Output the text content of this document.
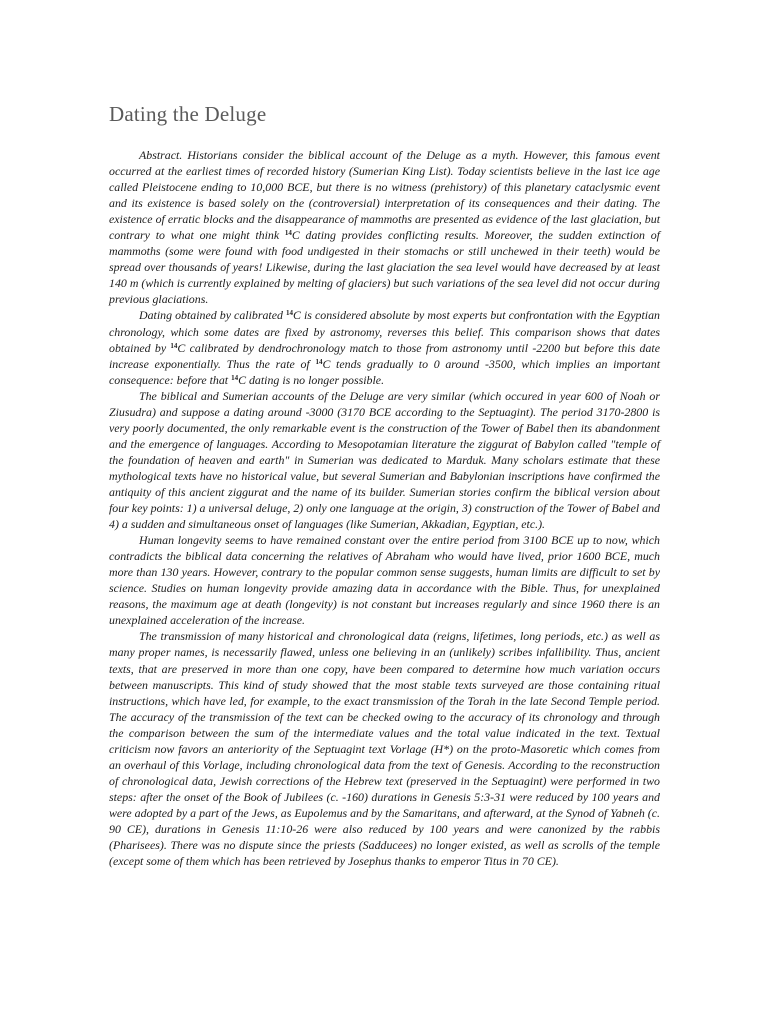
Dating the Deluge

Abstract. Historians consider the biblical account of the Deluge as a myth. However, this famous event occurred at the earliest times of recorded history (Sumerian King List). Today scientists believe in the last ice age called Pleistocene ending to 10,000 BCE, but there is no witness (prehistory) of this planetary cataclysmic event and its existence is based solely on the (controversial) interpretation of its consequences and their dating. The existence of erratic blocks and the disappearance of mammoths are presented as evidence of the last glaciation, but contrary to what one might think $^{14}$C dating provides conflicting results. Moreover, the sudden extinction of mammoths (some were found with food undigested in their stomachs or still unchewed in their teeth) would be spread over thousands of years! Likewise, during the last glaciation the sea level would have decreased by at least 140 m (which is currently explained by melting of glaciers) but such variations of the sea level did not occur during previous glaciations.

Dating obtained by calibrated $^{14}$C is considered absolute by most experts but confrontation with the Egyptian chronology, which some dates are fixed by astronomy, reverses this belief. This comparison shows that dates obtained by $^{14}$C calibrated by dendrochronology match to those from astronomy until -2200 but before this date increase exponentially. Thus the rate of $^{14}$C tends gradually to 0 around -3500, which implies an important consequence: before that $^{14}$C dating is no longer possible.

The biblical and Sumerian accounts of the Deluge are very similar (which occured in year 600 of Noah or Ziusudra) and suppose a dating around -3000 (3170 BCE according to the Septuagint). The period 3170-2800 is very poorly documented, the only remarkable event is the construction of the Tower of Babel then its abandonment and the emergence of languages. According to Mesopotamian literature the ziggurat of Babylon called "temple of the foundation of heaven and earth" in Sumerian was dedicated to Marduk. Many scholars estimate that these mythological texts have no historical value, but several Sumerian and Babylonian inscriptions have confirmed the antiquity of this ancient ziggurat and the name of its builder. Sumerian stories confirm the biblical version about four key points: 1) a universal deluge, 2) only one language at the origin, 3) construction of the Tower of Babel and 4) a sudden and simultaneous onset of languages (like Sumerian, Akkadian, Egyptian, etc.).

Human longevity seems to have remained constant over the entire period from 3100 BCE up to now, which contradicts the biblical data concerning the relatives of Abraham who would have lived, prior 1600 BCE, much more than 130 years. However, contrary to the popular common sense suggests, human limits are difficult to set by science. Studies on human longevity provide amazing data in accordance with the Bible. Thus, for unexplained reasons, the maximum age at death (longevity) is not constant but increases regularly and since 1960 there is an unexplained acceleration of the increase.

The transmission of many historical and chronological data (reigns, lifetimes, long periods, etc.) as well as many proper names, is necessarily flawed, unless one believing in an (unlikely) scribes infallibility. Thus, ancient texts, that are preserved in more than one copy, have been compared to determine how much variation occurs between manuscripts. This kind of study showed that the most stable texts surveyed are those containing ritual instructions, which have led, for example, to the exact transmission of the Torah in the late Second Temple period. The accuracy of the transmission of the text can be checked owing to the accuracy of its chronology and through the comparison between the sum of the intermediate values and the total value indicated in the text. Textual criticism now favors an anteriority of the Septuagint text Vorlage (H*) on the proto-Masoretic which comes from an overhaul of this Vorlage, including chronological data from the text of Genesis. According to the reconstruction of chronological data, Jewish corrections of the Hebrew text (preserved in the Septuagint) were performed in two steps: after the onset of the Book of Jubilees (c. -160) durations in Genesis 5:3-31 were reduced by 100 years and were adopted by a part of the Jews, as Eupolemus and by the Samaritans, and afterward, at the Synod of Yabneh (c. 90 CE), durations in Genesis 11:10-26 were also reduced by 100 years and were canonized by the rabbis (Pharisees). There was no dispute since the priests (Sadducees) no longer existed, as well as scrolls of the temple (except some of them which has been retrieved by Josephus thanks to emperor Titus in 70 CE).
